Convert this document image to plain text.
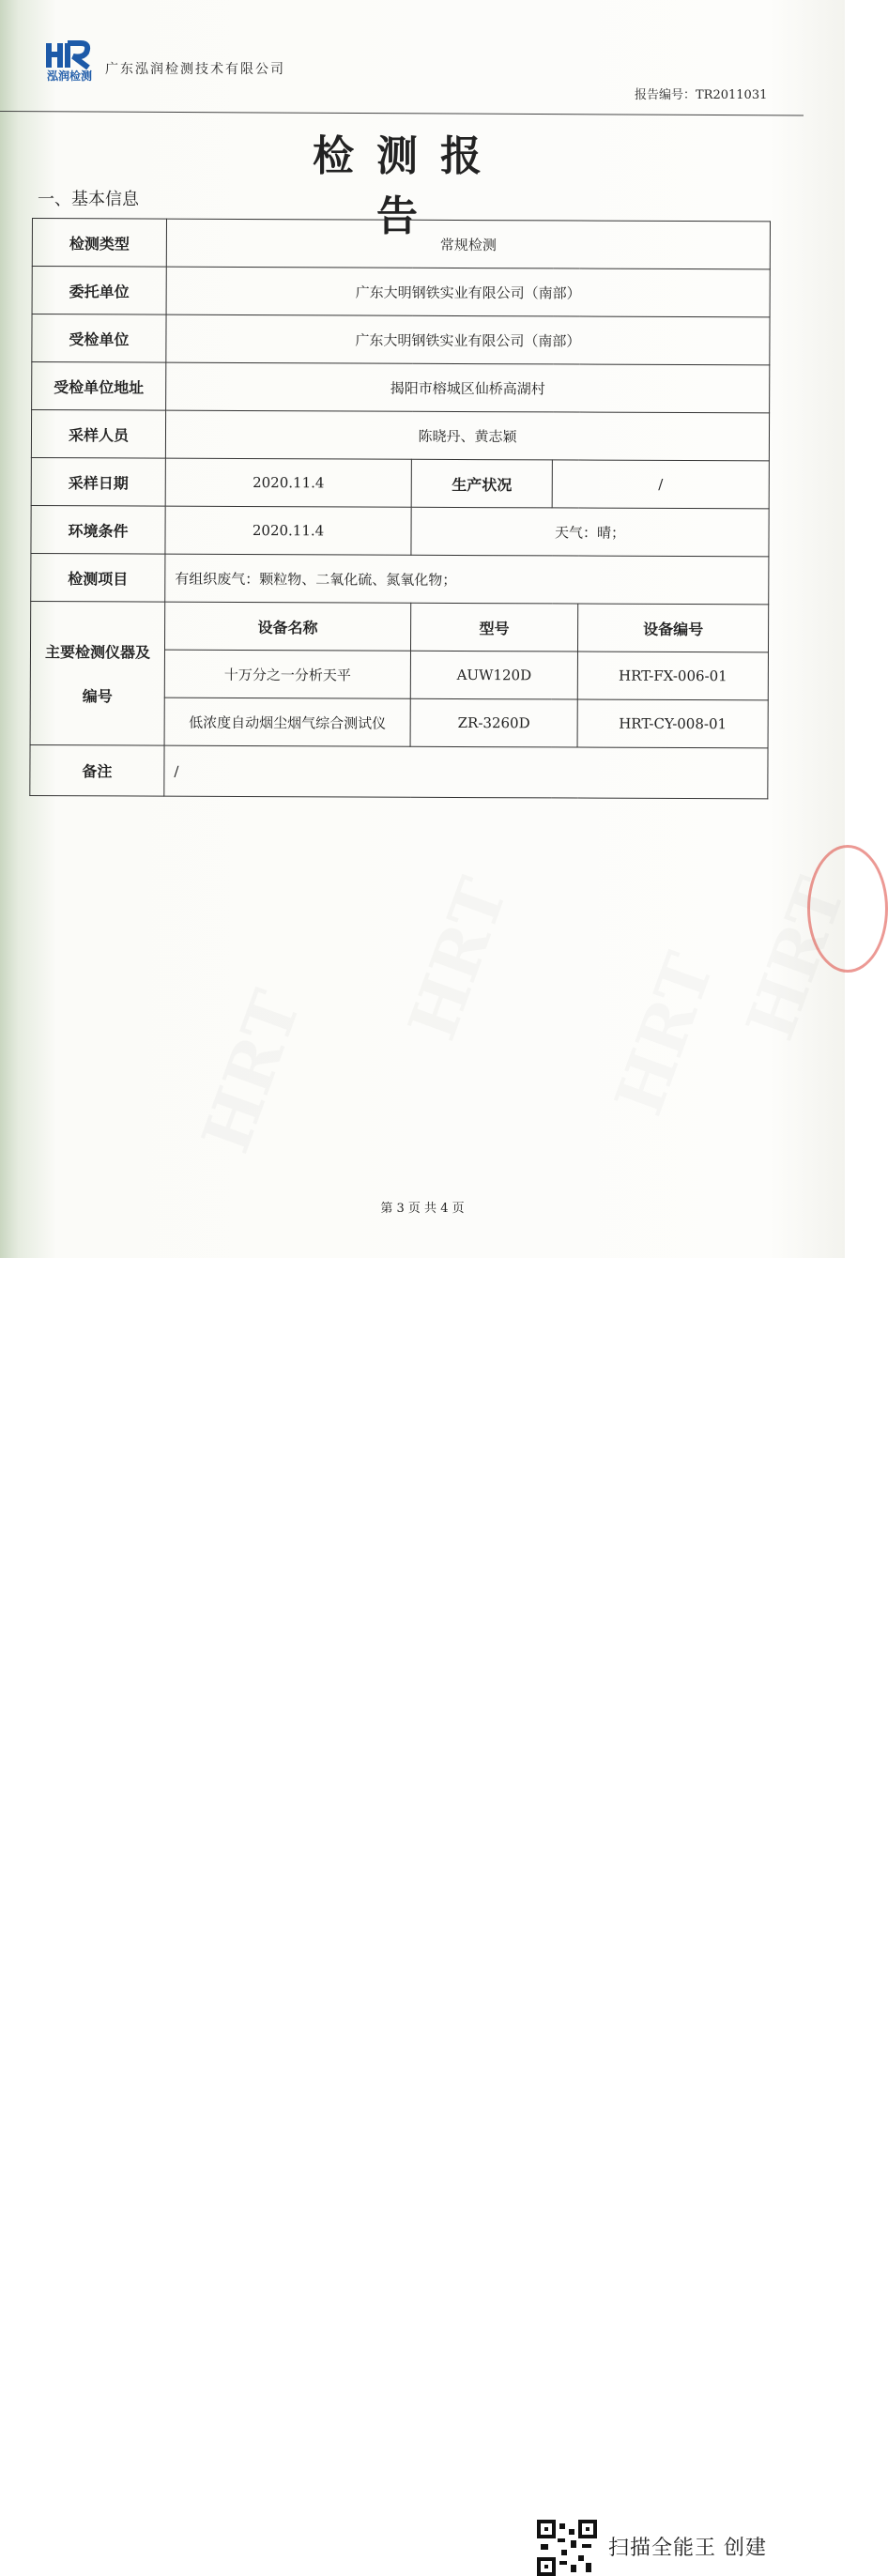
HRT HRT
HRT
HRT
泓润检测	广东泓润检测技术有限公司
报告编号：TR2011031
检测报告
一、基本信息
检测类型	常规检测			
委托单位	广东大明钢铁实业有限公司（南部）			
受检单位	广东大明钢铁实业有限公司（南部）			
受检单位地址	揭阳市榕城区仙桥高湖村			
采样人员	陈晓丹、黄志颖			
采样日期	2020.11.4	生产状况	/	
环境条件	2020.11.4	天气：晴；		
检测项目	有组织废气：颗粒物、二氧化硫、氮氧化物；			

主要检测仪器及
编号	设备名称	型号		设备编号
	十万分之一分析天平	AUW120D		HRT-FX-006-01
	低浓度自动烟尘烟气综合测试仪	ZR-3260D		HRT-CY-008-01
备注	/			
第 3 页 共 4 页
扫描全能王 创建
